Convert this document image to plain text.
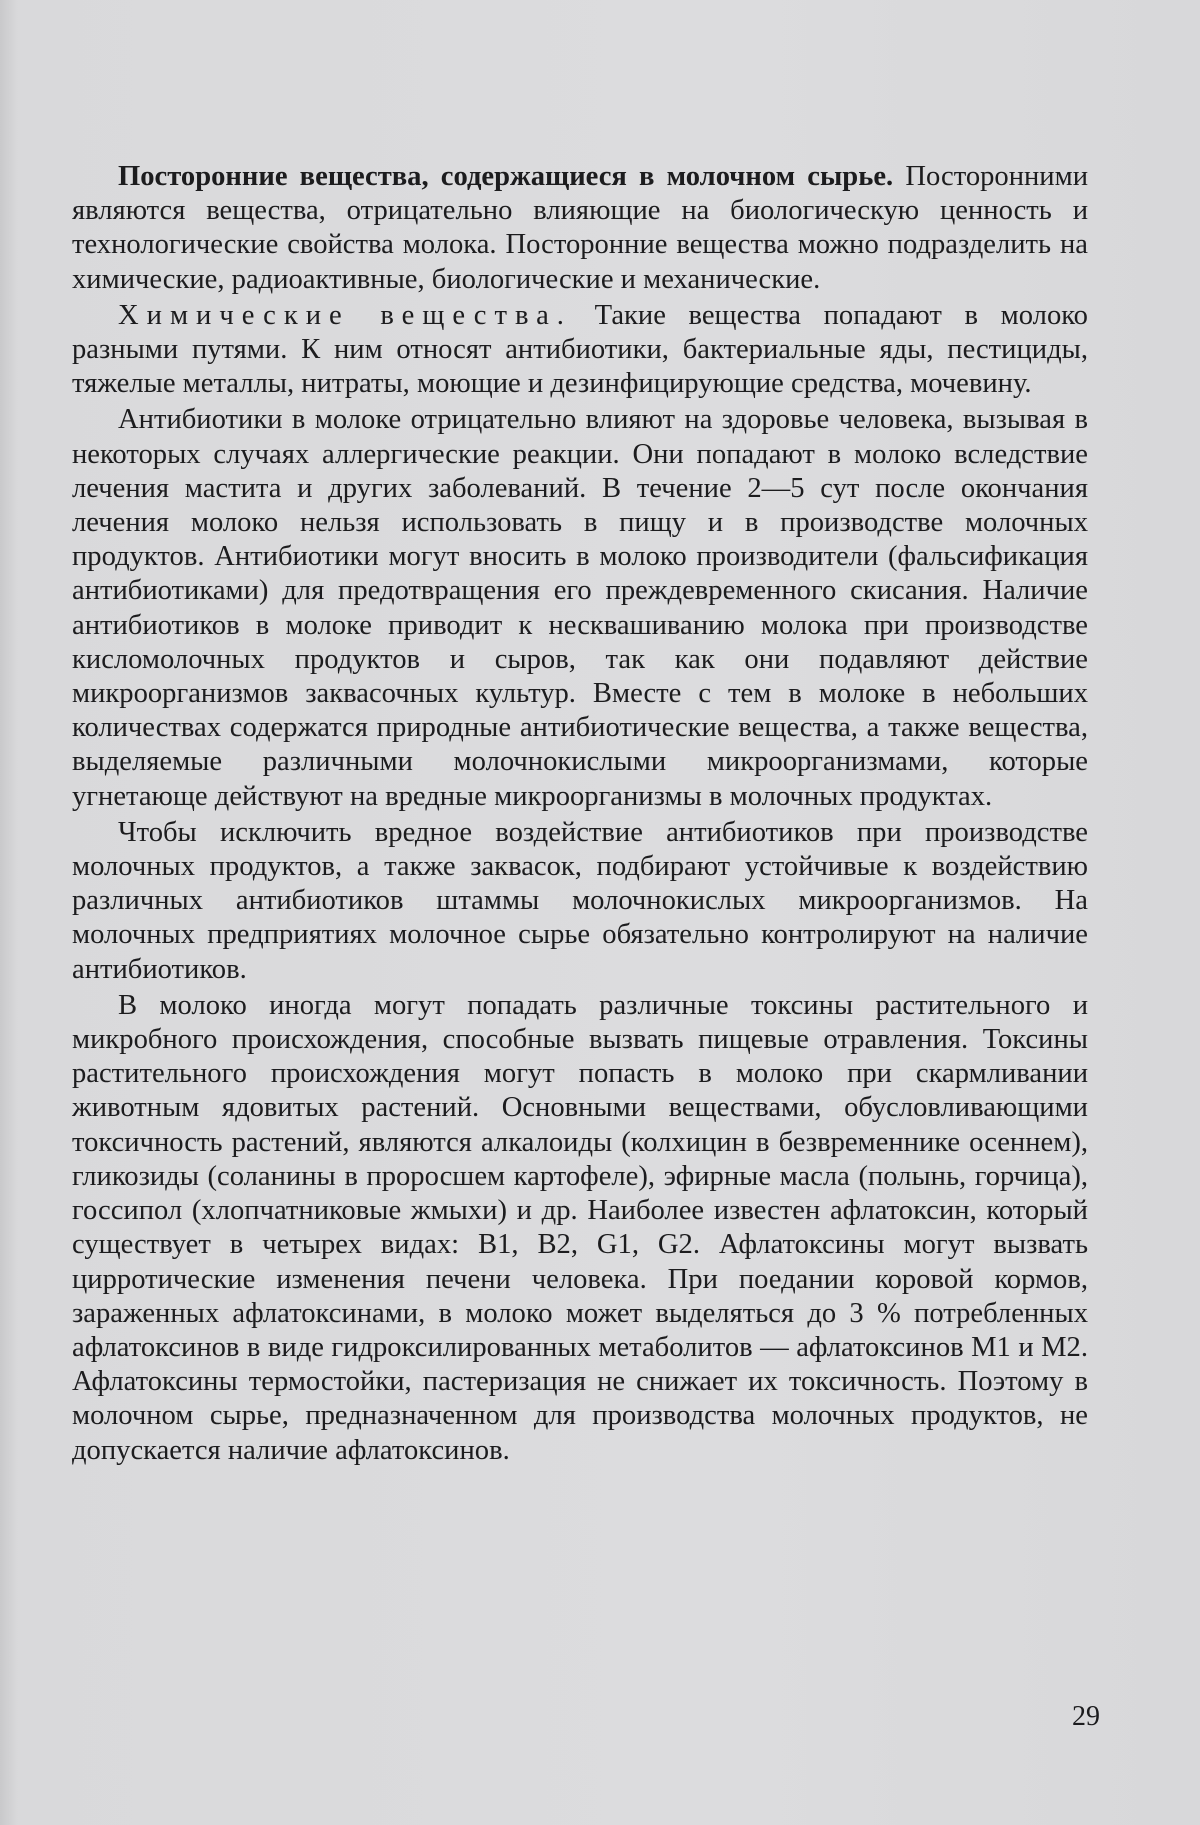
Посторонние вещества, содержащиеся в молочном сырье. Посторонними являются вещества, отрицательно влияющие на биологическую ценность и технологические свойства молока. Посторонние вещества можно подразделить на химические, радиоактивные, биологические и механические.

Химические вещества. Такие вещества попадают в молоко разными путями. К ним относят антибиотики, бактериальные яды, пестициды, тяжелые металлы, нитраты, моющие и дезинфицирующие средства, мочевину.

Антибиотики в молоке отрицательно влияют на здоровье человека, вызывая в некоторых случаях аллергические реакции. Они попадают в молоко вследствие лечения мастита и других заболеваний. В течение 2—5 сут после окончания лечения молоко нельзя использовать в пищу и в производстве молочных продуктов. Антибиотики могут вносить в молоко производители (фальсификация антибиотиками) для предотвращения его преждевременного скисания. Наличие антибиотиков в молоке приводит к несквашиванию молока при производстве кисломолочных продуктов и сыров, так как они подавляют действие микроорганизмов заквасочных культур. Вместе с тем в молоке в небольших количествах содержатся природные антибиотические вещества, а также вещества, выделяемые различными молочнокислыми микроорганизмами, которые угнетающе действуют на вредные микроорганизмы в молочных продуктах.

Чтобы исключить вредное воздействие антибиотиков при производстве молочных продуктов, а также заквасок, подбирают устойчивые к воздействию различных антибиотиков штаммы молочнокислых микроорганизмов. На молочных предприятиях молочное сырье обязательно контролируют на наличие антибиотиков.

В молоко иногда могут попадать различные токсины растительного и микробного происхождения, способные вызвать пищевые отравления. Токсины растительного происхождения могут попасть в молоко при скармливании животным ядовитых растений. Основными веществами, обусловливающими токсичность растений, являются алкалоиды (колхицин в безвременнике осеннем), гликозиды (соланины в проросшем картофеле), эфирные масла (полынь, горчица), госсипол (хлопчатниковые жмыхи) и др. Наиболее известен афлатоксин, который существует в четырех видах: B1, B2, G1, G2. Афлатоксины могут вызвать цирротические изменения печени человека. При поедании коровой кормов, зараженных афлатоксинами, в молоко может выделяться до 3 % потребленных афлатоксинов в виде гидроксилированных метаболитов — афлатоксинов M1 и M2. Афлатоксины термостойки, пастеризация не снижает их токсичность. Поэтому в молочном сырье, предназначенном для производства молочных продуктов, не допускается наличие афлатоксинов.

29
